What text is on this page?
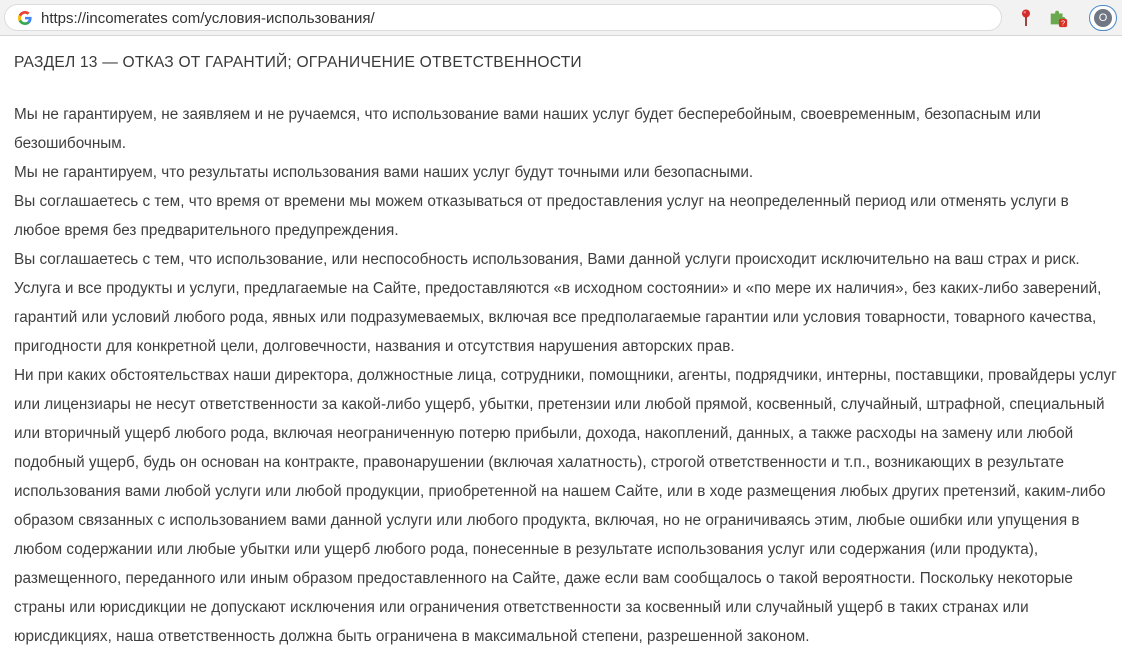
https://incomerates com/условия-использования/	?	O
РАЗДЕЛ 13 — ОТКАЗ ОТ ГАРАНТИЙ; ОГРАНИЧЕНИЕ ОТВЕТСТВЕННОСТИ

Мы не гарантируем, не заявляем и не ручаемся, что использование вами наших услуг будет бесперебойным, своевременным, безопасным или безошибочным.

Мы не гарантируем, что результаты использования вами наших услуг будут точными или безопасными.

Вы соглашаетесь с тем, что время от времени мы можем отказываться от предоставления услуг на неопределенный период или отменять услуги в любое время без предварительного предупреждения.

Вы соглашаетесь с тем, что использование, или неспособность использования, Вами данной услуги происходит исключительно на ваш страх и риск. Услуга и все продукты и услуги, предлагаемые на Сайте, предоставляются «в исходном состоянии» и «по мере их наличия», без каких-либо заверений, гарантий или условий любого рода, явных или подразумеваемых, включая все предполагаемые гарантии или условия товарности, товарного качества, пригодности для конкретной цели, долговечности, названия и отсутствия нарушения авторских прав.

Ни при каких обстоятельствах наши директора, должностные лица, сотрудники, помощники, агенты, подрядчики, интерны, поставщики, провайдеры услуг или лицензиары не несут ответственности за какой-либо ущерб, убытки, претензии или любой прямой, косвенный, случайный, штрафной, специальный или вторичный ущерб любого рода, включая неограниченную потерю прибыли, дохода, накоплений, данных, а также расходы на замену или любой подобный ущерб, будь он основан на контракте, правонарушении (включая халатность), строгой ответственности и т.п., возникающих в результате использования вами любой услуги или любой продукции, приобретенной на нашем Сайте, или в ходе размещения любых других претензий, каким-либо образом связанных с использованием вами данной услуги или любого продукта, включая, но не ограничиваясь этим, любые ошибки или упущения в любом содержании или любые убытки или ущерб любого рода, понесенные в результате использования услуг или содержания (или продукта), размещенного, переданного или иным образом предоставленного на Сайте, даже если вам сообщалось о такой вероятности. Поскольку некоторые страны или юрисдикции не допускают исключения или ограничения ответственности за косвенный или случайный ущерб в таких странах или юрисдикциях, наша ответственность должна быть ограничена в максимальной степени, разрешенной законом.
